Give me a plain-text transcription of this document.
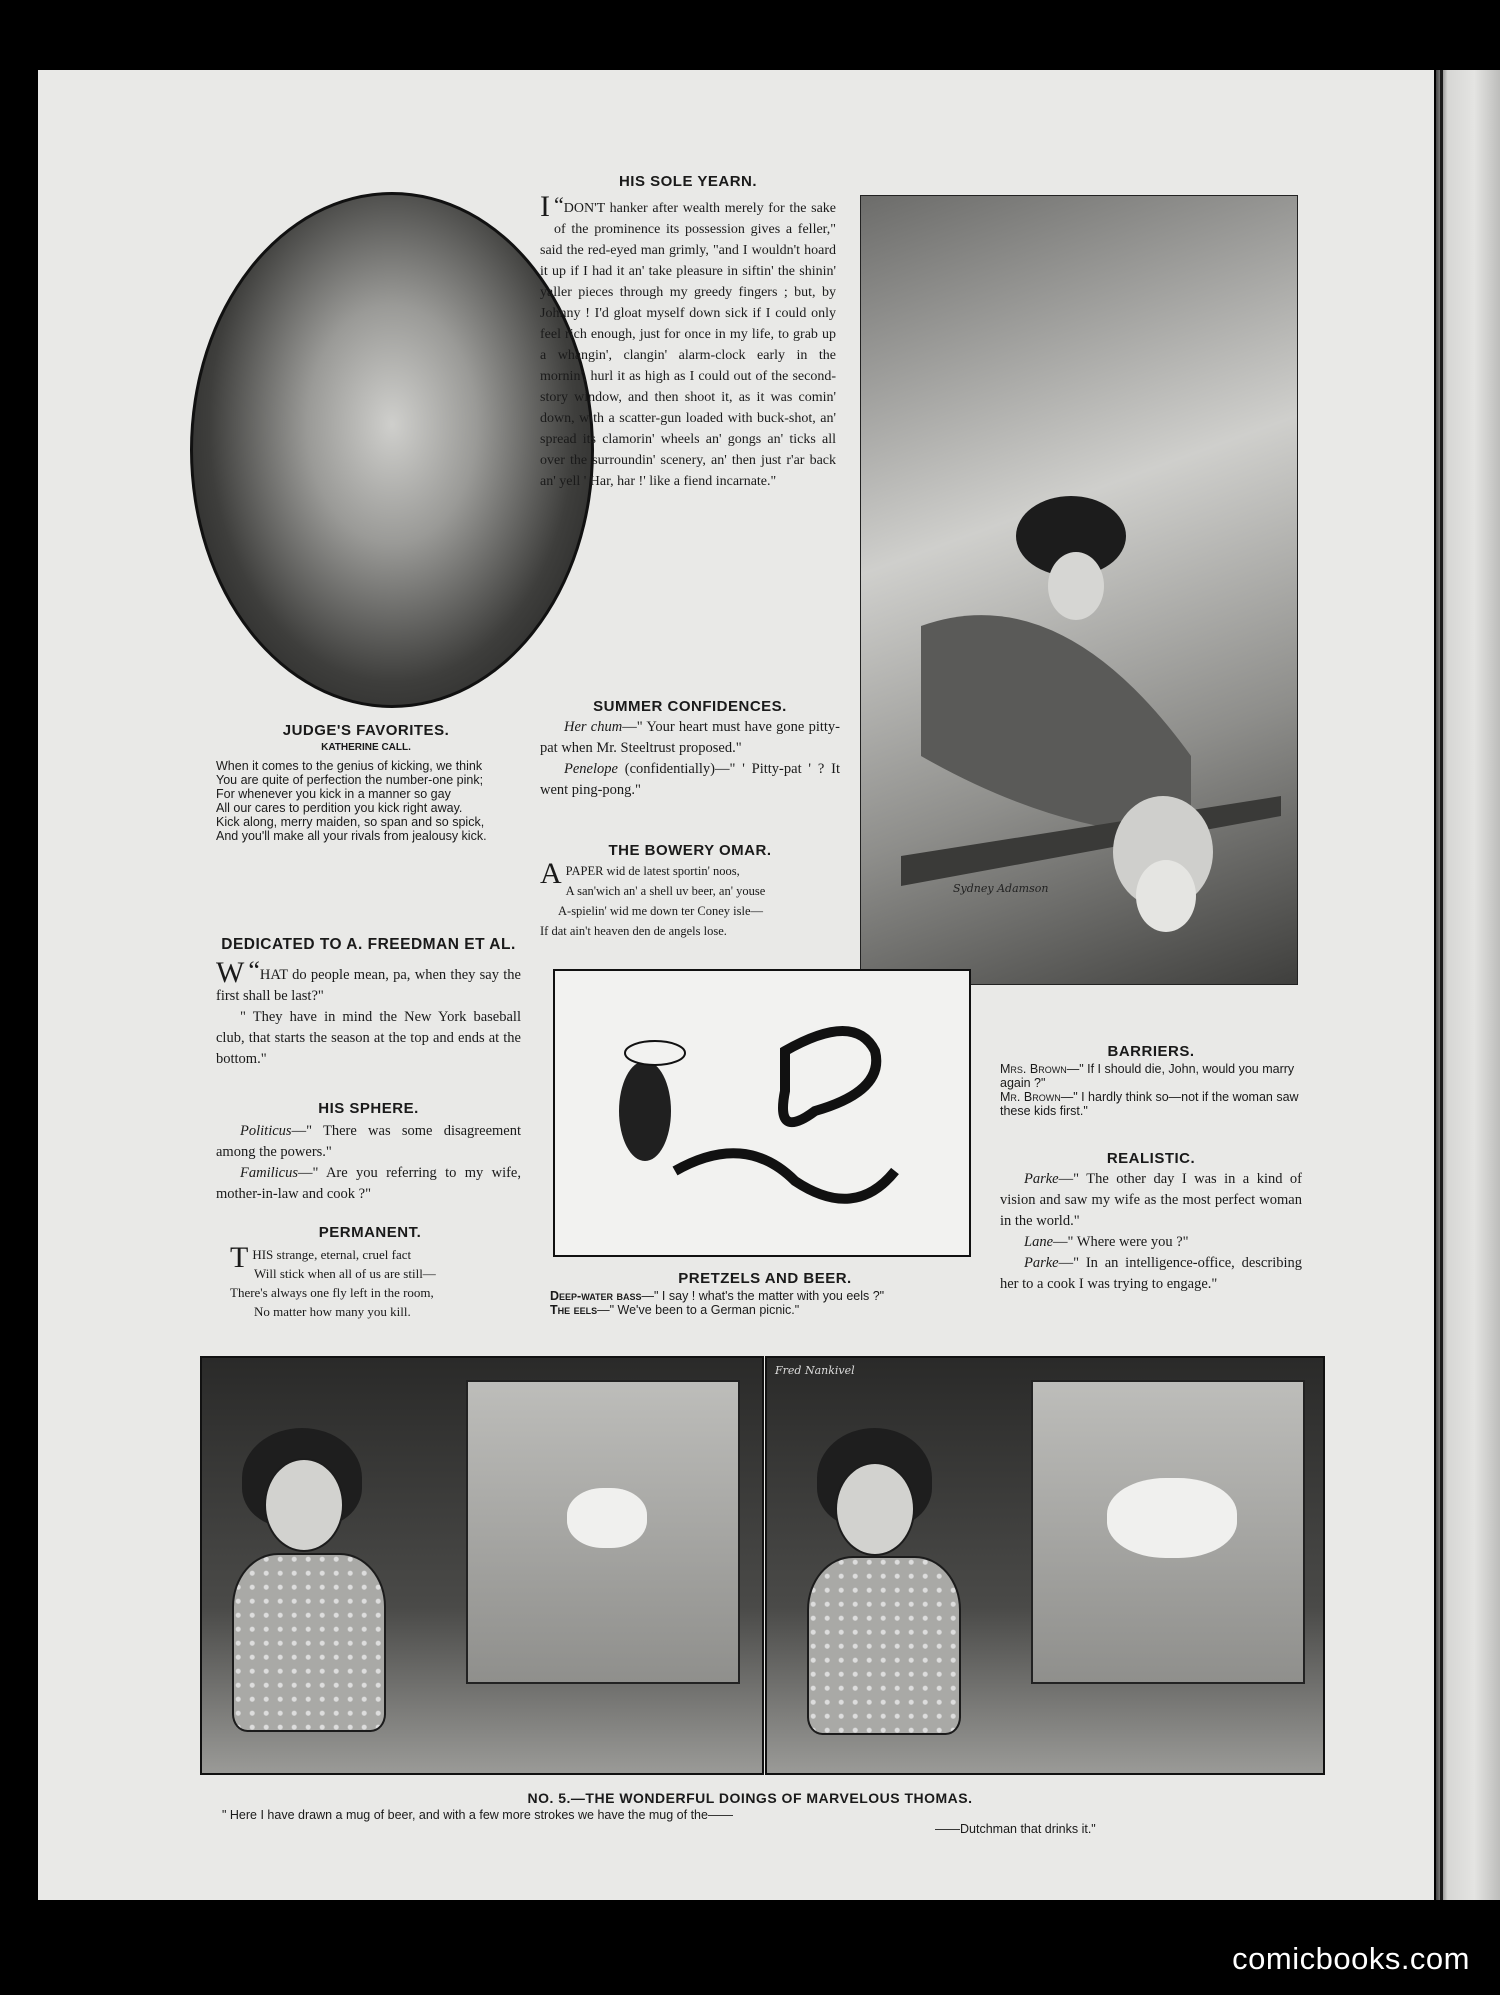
JUDGE'S FAVORITES.
KATHERINE CALL.
When it comes to the genius of kicking, we think
You are quite of perfection the number-one pink;
For whenever you kick in a manner so gay
All our cares to perdition you kick right away.
Kick along, merry maiden, so span and so spick,
And you'll make all your rivals from jealousy kick.
DEDICATED TO A. FREEDMAN ET AL.
“
W HAT do people mean, pa, when they say the first shall be last?"
" They have in mind the New York baseball club, that starts the season at the top and ends at the bottom."
HIS SPHERE.
Politicus—" There was some disagreement among the powers."
Familicus—" Are you referring to my wife, mother-in-law and cook ?"
PERMANENT.
T HIS strange, eternal, cruel fact
Will stick when all of us are still—
There's always one fly left in the room,
No matter how many you kill.
HIS SOLE YEARN.
“
I DON'T hanker after wealth merely for the sake of the prominence its possession gives a feller," said the red-eyed man grimly, "and I wouldn't hoard it up if I had it an' take pleasure in siftin' the shinin' yaller pieces through my greedy fingers ; but, by Johnny ! I'd gloat myself down sick if I could only feel rich enough, just for once in my life, to grab up a whangin', clangin' alarm-clock early in the mornin', hurl it as high as I could out of the second-story window, and then shoot it, as it was comin' down, with a scatter-gun loaded with buck-shot, an' spread its clamorin' wheels an' gongs an' ticks all over the surroundin' scenery, an' then just r'ar back an' yell ' Har, har !' like a fiend incarnate."
SUMMER CONFIDENCES.
Her chum—" Your heart must have gone pitty-pat when Mr. Steeltrust proposed."
Penelope (confidentially)—" ' Pitty-pat ' ? It went ping-pong."
THE BOWERY OMAR.
A PAPER wid de latest sportin' noos,
A san'wich an' a shell uv beer, an' youse
A-spielin' wid me down ter Coney isle—
If dat ain't heaven den de angels lose.
Sydney Adamson
PRETZELS AND BEER.
Deep-water bass—" I say ! what's the matter with you eels ?"
The eels—" We've been to a German picnic."
BARRIERS.
Mrs. Brown—" If I should die, John, would you marry again ?"
Mr. Brown—" I hardly think so—not if the woman saw these kids first."
REALISTIC.
Parke—" The other day I was in a kind of vision and saw my wife as the most perfect woman in the world."
Lane—" Where were you ?"
Parke—" In an intelligence-office, describing her to a cook I was trying to engage."
Fred Nankivel
NO. 5.—THE WONDERFUL DOINGS OF MARVELOUS THOMAS.
" Here I have drawn a mug of beer, and with a few more strokes we have the mug of the——
——Dutchman that drinks it."
comicbooks.com
